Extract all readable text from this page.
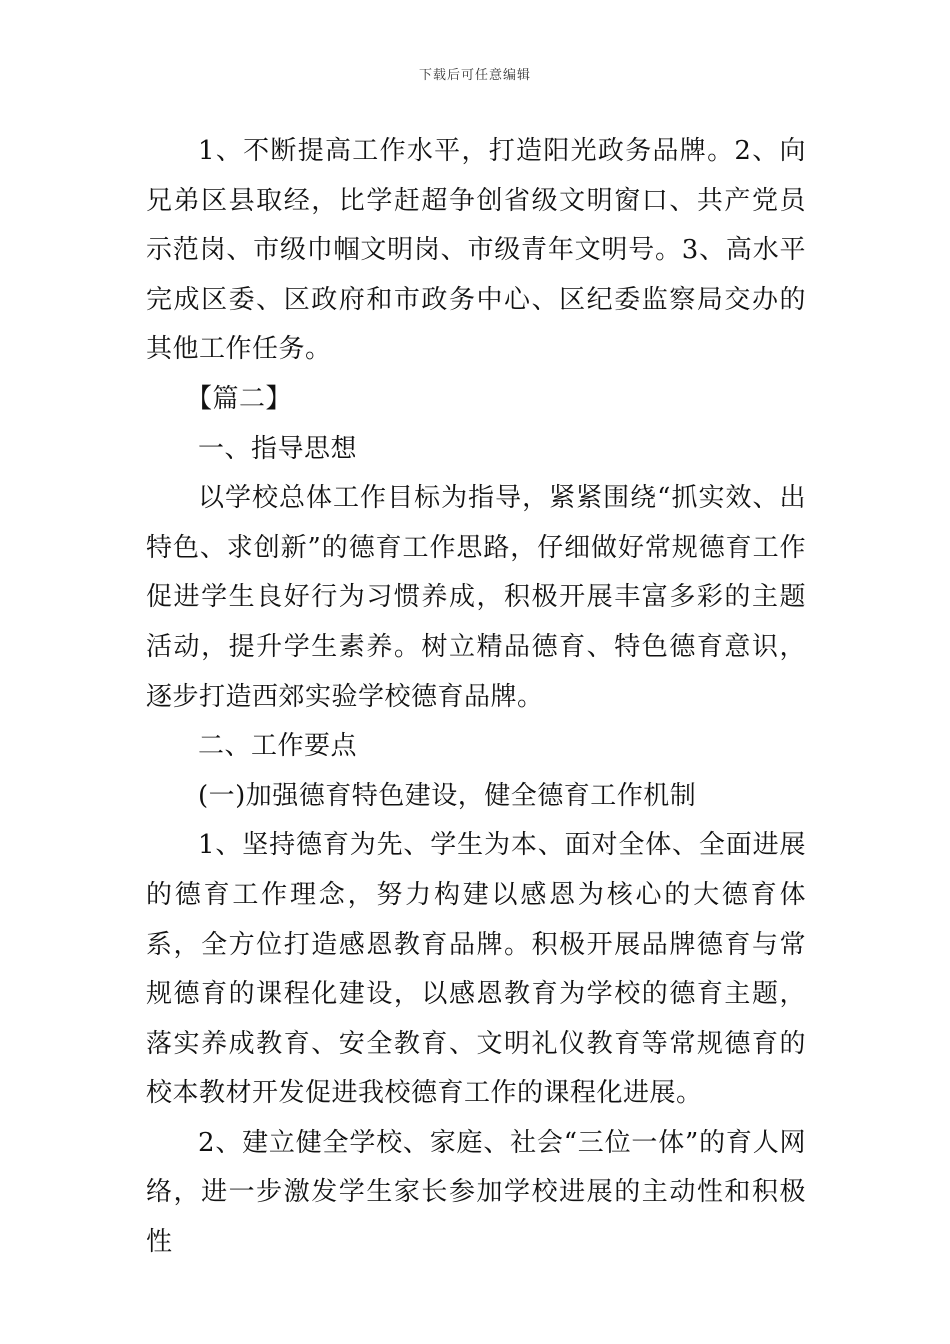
下载后可任意编辑

1、不断提高工作水平，打造阳光政务品牌。2、向兄弟区县取经，比学赶超争创省级文明窗口、共产党员示范岗、市级巾帼文明岗、市级青年文明号。3、高水平完成区委、区政府和市政务中心、区纪委监察局交办的其他工作任务。

【篇二】

一、指导思想

以学校总体工作目标为指导，紧紧围绕“抓实效、出特色、求创新”的德育工作思路，仔细做好常规德育工作促进学生良好行为习惯养成，积极开展丰富多彩的主题活动，提升学生素养。树立精品德育、特色德育意识，逐步打造西郊实验学校德育品牌。

二、工作要点

(一)加强德育特色建设，健全德育工作机制

1、坚持德育为先、学生为本、面对全体、全面进展的德育工作理念，努力构建以感恩为核心的大德育体系，全方位打造感恩教育品牌。积极开展品牌德育与常规德育的课程化建设，以感恩教育为学校的德育主题，落实养成教育、安全教育、文明礼仪教育等常规德育的校本教材开发促进我校德育工作的课程化进展。

2、建立健全学校、家庭、社会“三位一体”的育人网络，进一步激发学生家长参加学校进展的主动性和积极性
